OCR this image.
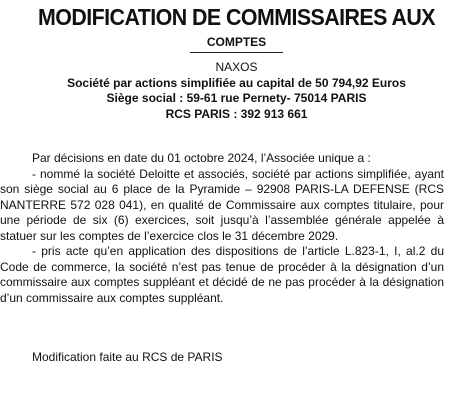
MODIFICATION DE COMMISSAIRES AUX
COMPTES
NAXOS
Société par actions simplifiée au capital de 50 794,92 Euros
Siège social : 59-61 rue Pernety- 75014 PARIS
RCS PARIS : 392 913 661
Par décisions en date du 01 octobre 2024, l’Associée unique a :
- nommé la société Deloitte et associés, société par actions simplifiée, ayant son siège social au 6 place de la Pyramide – 92908 PARIS-LA DEFENSE (RCS NANTERRE 572 028 041), en qualité de Commissaire aux comptes titulaire, pour une période de six (6) exercices, soit jusqu’à l’assemblée générale appelée à statuer sur les comptes de l’exercice clos le 31 décembre 2029.
- pris acte qu’en application des dispositions de l’article L.823-1, I, al.2 du Code de commerce, la société n’est pas tenue de procéder à la désignation d’un commissaire aux comptes suppléant et décidé de ne pas procéder à la désignation d’un commissaire aux comptes suppléant.
Modification faite au RCS de PARIS
